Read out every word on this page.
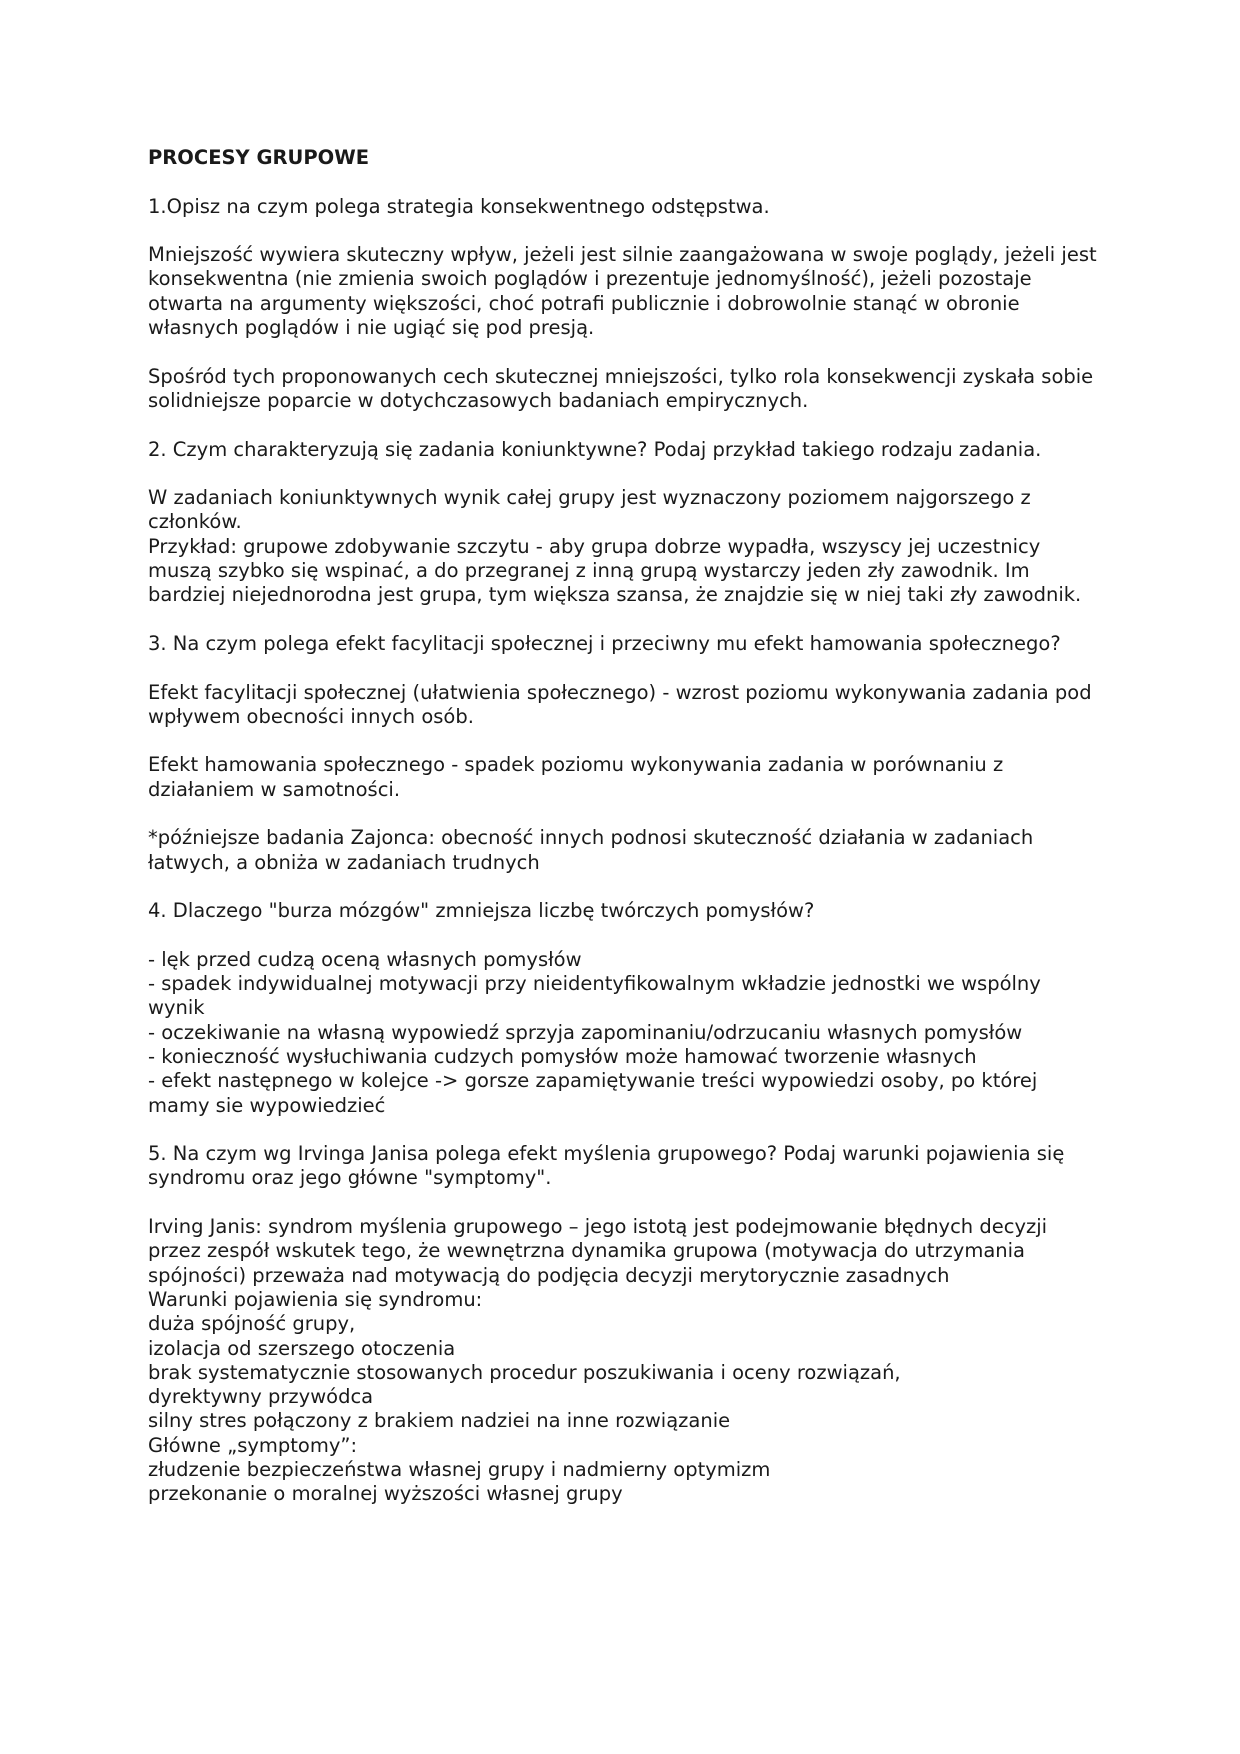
PROCESY GRUPOWE

1.Opisz na czym polega strategia konsekwentnego odstępstwa.

Mniejszość wywiera skuteczny wpływ, jeżeli jest silnie zaangażowana w swoje poglądy, jeżeli jest konsekwentna (nie zmienia swoich poglądów i prezentuje jednomyślność), jeżeli pozostaje otwarta na argumenty większości, choć potrafi publicznie i dobrowolnie stanąć w obronie własnych poglądów i nie ugiąć się pod presją.

Spośród tych proponowanych cech skutecznej mniejszości, tylko rola konsekwencji zyskała sobie solidniejsze poparcie w dotychczasowych badaniach empirycznych.

2. Czym charakteryzują się zadania koniunktywne? Podaj przykład takiego rodzaju zadania.

W zadaniach koniunktywnych wynik całej grupy jest wyznaczony poziomem najgorszego z członków.

Przykład: grupowe zdobywanie szczytu - aby grupa dobrze wypadła, wszyscy jej uczestnicy muszą szybko się wspinać, a do przegranej z inną grupą wystarczy jeden zły zawodnik. Im bardziej niejednorodna jest grupa, tym większa szansa, że znajdzie się w niej taki zły zawodnik.

3. Na czym polega efekt facylitacji społecznej i przeciwny mu efekt hamowania społecznego?

Efekt facylitacji społecznej (ułatwienia społecznego) - wzrost poziomu wykonywania zadania pod wpływem obecności innych osób.

Efekt hamowania społecznego - spadek poziomu wykonywania zadania w porównaniu z działaniem w samotności.

*późniejsze badania Zajonca: obecność innych podnosi skuteczność działania w zadaniach łatwych, a obniża w zadaniach trudnych

4. Dlaczego "burza mózgów" zmniejsza liczbę twórczych pomysłów?

- lęk przed cudzą oceną własnych pomysłów
- spadek indywidualnej motywacji przy nieidentyfikowalnym wkładzie jednostki we wspólny wynik
- oczekiwanie na własną wypowiedź sprzyja zapominaniu/odrzucaniu własnych pomysłów
- konieczność wysłuchiwania cudzych pomysłów może hamować tworzenie własnych
- efekt następnego w kolejce -> gorsze zapamiętywanie treści wypowiedzi osoby, po której mamy sie wypowiedzieć

5. Na czym wg Irvinga Janisa polega efekt myślenia grupowego? Podaj warunki pojawienia się syndromu oraz jego główne "symptomy".

Irving Janis: syndrom myślenia grupowego – jego istotą jest podejmowanie błędnych decyzji przez zespół wskutek tego, że wewnętrzna dynamika grupowa (motywacja do utrzymania spójności) przeważa nad motywacją do podjęcia decyzji merytorycznie zasadnych
Warunki pojawienia się syndromu:
duża spójność grupy,
izolacja od szerszego otoczenia
brak systematycznie stosowanych procedur poszukiwania i oceny rozwiązań,
dyrektywny przywódca
silny stres połączony z brakiem nadziei na inne rozwiązanie
Główne „symptomy”:
złudzenie bezpieczeństwa własnej grupy i nadmierny optymizm
przekonanie o moralnej wyższości własnej grupy
